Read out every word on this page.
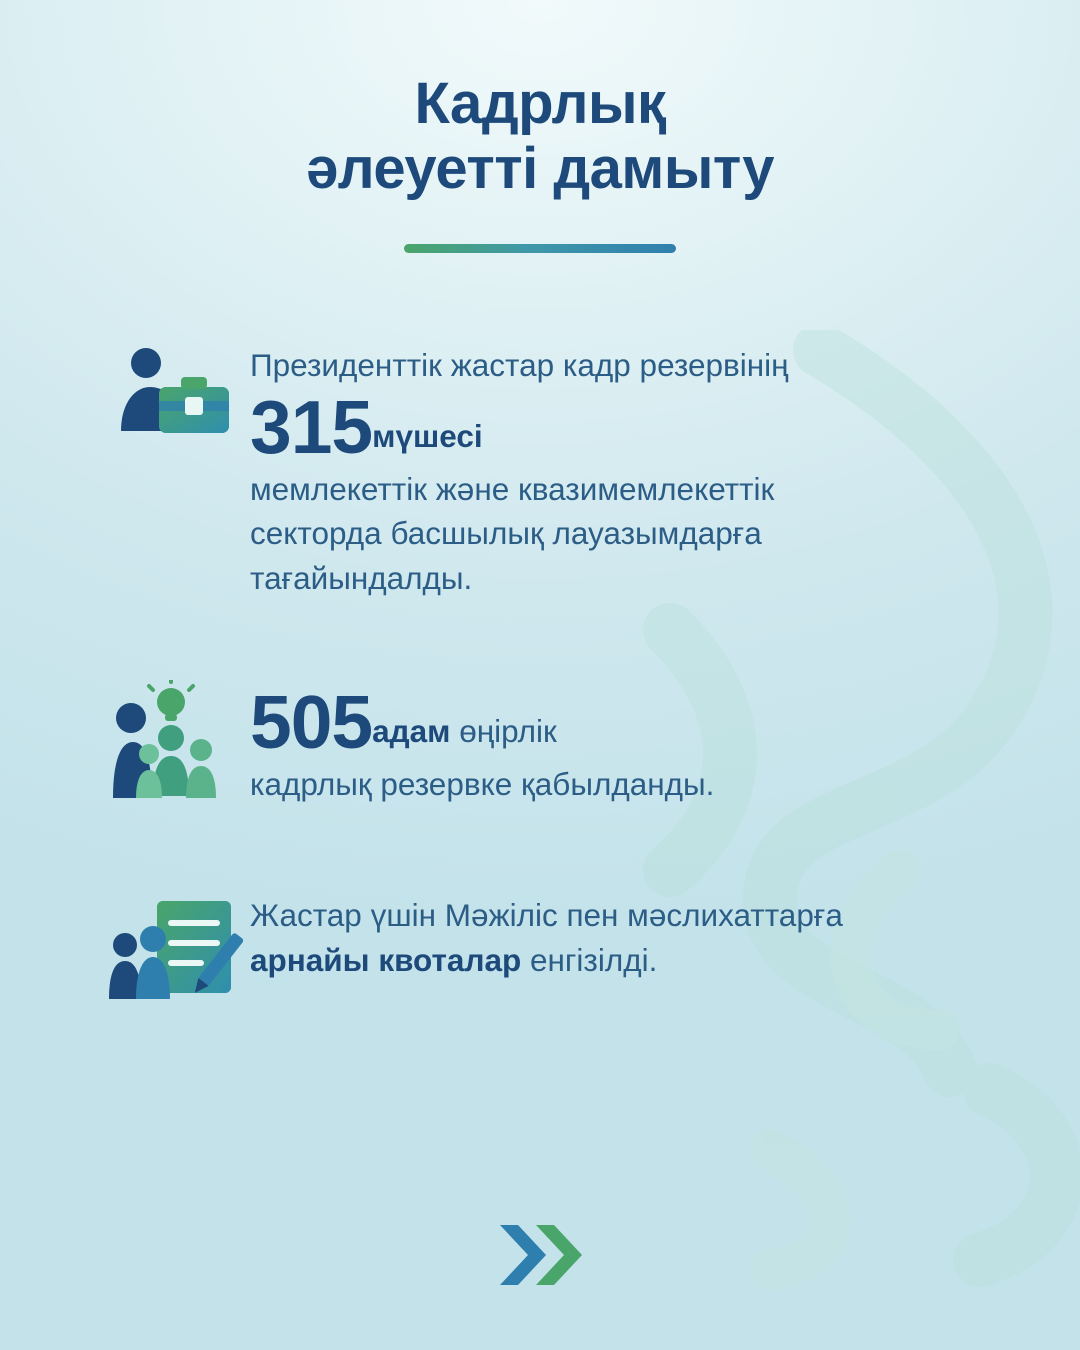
Кадрлық
әлеуетті дамыту
Президенттік жастар кадр резервінің
315мүшесі
мемлекеттік және квазимемлекеттік
секторда басшылық лауазымдарға
тағайындалды.
505адам өңірлік
кадрлық резервке қабылданды.
Жастар үшін Мәжіліс пен мәслихаттарға
арнайы квоталар енгізілді.
